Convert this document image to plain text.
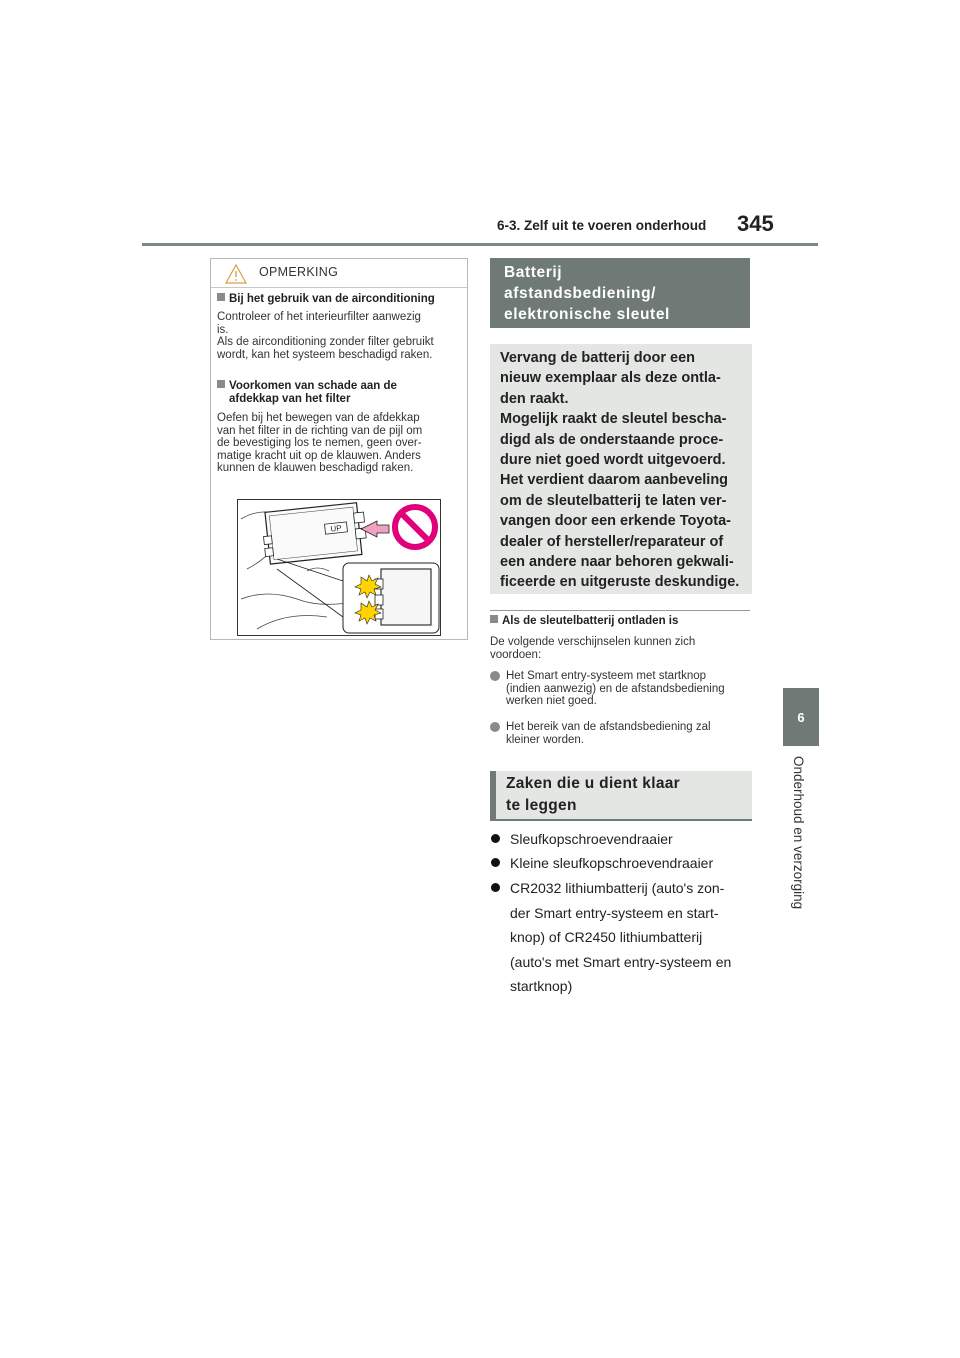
6-3. Zelf uit te voeren onderhoud 345
6
Onderhoud en verzorging
OPMERKING
Bij het gebruik van de airconditioning
Controleer of het interieurfilter aanwezig
is.
Als de airconditioning zonder filter gebruikt
wordt, kan het systeem beschadigd raken.
Voorkomen van schade aan de
afdekkap van het filter
Oefen bij het bewegen van de afdekkap
van het filter in de richting van de pijl om
de bevestiging los te nemen, geen over-
matige kracht uit op de klauwen. Anders
kunnen de klauwen beschadigd raken.
UP
Batterij
afstandsbediening/
elektronische sleutel
Vervang de batterij door een
nieuw exemplaar als deze ontla-
den raakt.
Mogelijk raakt de sleutel bescha-
digd als de onderstaande proce-
dure niet goed wordt uitgevoerd.
Het verdient daarom aanbeveling
om de sleutelbatterij te laten ver-
vangen door een erkende Toyota-
dealer of hersteller/reparateur of
een andere naar behoren gekwali-
ficeerde en uitgeruste deskundige.
Als de sleutelbatterij ontladen is
De volgende verschijnselen kunnen zich
voordoen:
Het Smart entry-systeem met startknop
(indien aanwezig) en de afstandsbediening
werken niet goed.
Het bereik van de afstandsbediening zal
kleiner worden.
Zaken die u dient klaar
te leggen
Sleufkopschroevendraaier
Kleine sleufkopschroevendraaier
CR2032 lithiumbatterij (auto's zon-
der Smart entry-systeem en start-
knop) of CR2450 lithiumbatterij
(auto's met Smart entry-systeem en
startknop)
